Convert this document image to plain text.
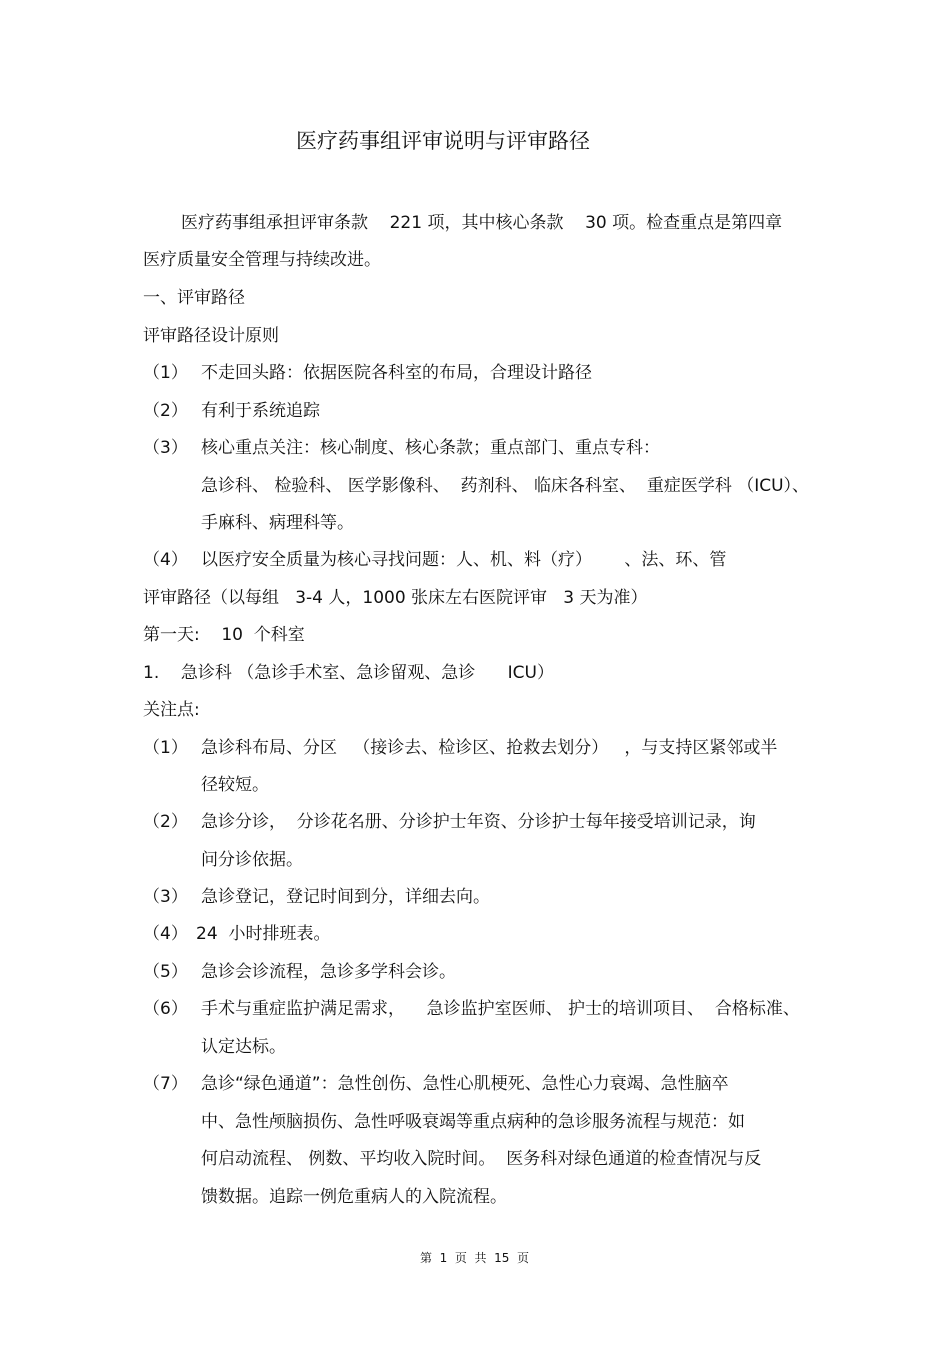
医疗药事组评审说明与评审路径
医疗药事组承担评审条款    221 项，其中核心条款    30 项。检查重点是第四章
医疗质量安全管理与持续改进。
一、评审路径
评审路径设计原则
（1） 不走回头路：依据医院各科室的布局，合理设计路径
（2） 有利于系统追踪
（3） 核心重点关注：核心制度、核心条款；重点部门、重点专科：
急诊科、 检验科、 医学影像科、  药剂科、 临床各科室、  重症医学科 （ICU）、
手麻科、病理科等。
（4） 以医疗安全质量为核心寻找问题：人、机、料（疗）      、法、环、管
评审路径（以每组   3-4 人，1000 张床左右医院评审   3 天为准）
第一天:    10  个科室
1.    急诊科 （急诊手术室、急诊留观、急诊      ICU）
关注点:
（1） 急诊科布局、分区   （接诊去、检诊区、抢救去划分）   ，与支持区紧邻或半
径较短。
（2） 急诊分诊，  分诊花名册、分诊护士年资、分诊护士每年接受培训记录，询
问分诊依据。
（3） 急诊登记，登记时间到分，详细去向。
（4） 24  小时排班表。
（5） 急诊会诊流程，急诊多学科会诊。
（6） 手术与重症监护满足需求，    急诊监护室医师、 护士的培训项目、  合格标准、
认定达标。
（7） 急诊“绿色通道”：急性创伤、急性心肌梗死、急性心力衰竭、急性脑卒
中、急性颅脑损伤、急性呼吸衰竭等重点病种的急诊服务流程与规范：如
何启动流程、 例数、平均收入院时间。  医务科对绿色通道的检查情况与反
馈数据。追踪一例危重病人的入院流程。
第  1  页  共  15  页
